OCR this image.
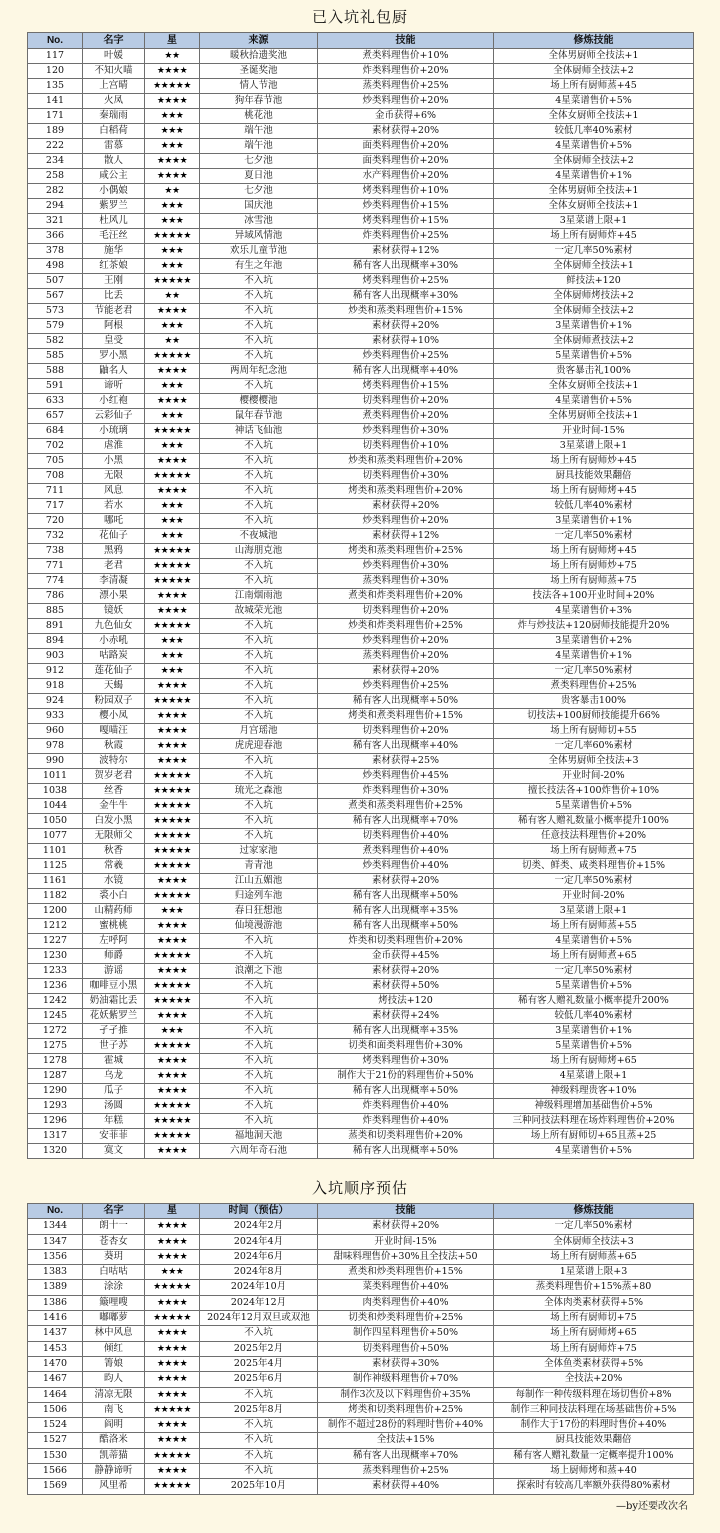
已入坑礼包厨
No.	名字	星	来源	技能	修炼技能
117	叶媛	★★	暖秋拾遗奖池	煮类料理售价+10%	全体男厨师全技法+1
120	不知火喵	★★★★	圣诞奖池	炸类料理售价+20%	全体厨师全技法+2
135	上宫晴	★★★★★	情人节池	蒸类料理售价+25%	场上所有厨师蒸+45
141	火凤	★★★★	狗年春节池	炒类料理售价+20%	4星菜谱售价+5%
171	秦瑞雨	★★★	桃花池	金币获得+6%	全体女厨师全技法+1
189	白稻荷	★★★	端午池	素材获得+20%	较低几率40%素材
222	雷慕	★★★	端午池	面类料理售价+20%	4星菜谱售价+5%
234	散人	★★★★	七夕池	面类料理售价+20%	全体厨师全技法+2
258	咸公主	★★★★	夏日池	水产料理售价+20%	4星菜谱售价+1%
282	小偶娘	★★	七夕池	烤类料理售价+10%	全体男厨师全技法+1
294	紫罗兰	★★★	国庆池	炒类料理售价+15%	全体女厨师全技法+1
321	杜风儿	★★★	冰雪池	烤类料理售价+15%	3星菜谱上限+1
366	毛汪丝	★★★★★	异域风情池	炸类料理售价+25%	场上所有厨师炸+45
378	施华	★★★	欢乐儿童节池	素材获得+12%	一定几率50%素材
498	红茶娘	★★★	有生之年池	稀有客人出现概率+30%	全体厨师全技法+1
507	王刚	★★★★★	不入坑	烤类料理售价+25%	鲜技法+120
567	比丢	★★	不入坑	稀有客人出现概率+30%	全体厨师烤技法+2
573	节能老君	★★★★	不入坑	炒类和蒸类料理售价+15%	全体厨师全技法+2
579	阿根	★★★	不入坑	素材获得+20%	3星菜谱售价+1%
582	皇受	★★	不入坑	素材获得+10%	全体厨师煮技法+2
585	罗小黑	★★★★★	不入坑	炒类料理售价+25%	5星菜谱售价+5%
588	鼬名人	★★★★	两周年纪念池	稀有客人出现概率+40%	贵客暴击礼100%
591	谛听	★★★	不入坑	烤类料理售价+15%	全体女厨师全技法+1
633	小红袍	★★★★	樱樱樱池	切类料理售价+20%	4星菜谱售价+5%
657	云彩仙子	★★★	鼠年春节池	煮类料理售价+20%	全体男厨师全技法+1
684	小琉璃	★★★★★	神话飞仙池	炒类料理售价+30%	开业时间-15%
702	虐淮	★★★	不入坑	切类料理售价+10%	3星菜谱上限+1
705	小黑	★★★★	不入坑	炒类和蒸类料理售价+20%	场上所有厨师炒+45
708	无限	★★★★★	不入坑	切类料理售价+30%	厨具技能效果翻倍
711	风息	★★★★	不入坑	烤类和蒸类料理售价+20%	场上所有厨师烤+45
717	若水	★★★	不入坑	素材获得+20%	较低几率40%素材
720	哪吒	★★★	不入坑	炒类料理售价+20%	3星菜谱售价+1%
732	花仙子	★★★	不夜城池	素材获得+12%	一定几率50%素材
738	黑鸦	★★★★★	山海朋克池	烤类和蒸类料理售价+25%	场上所有厨师烤+45
771	老君	★★★★★	不入坑	炒类料理售价+30%	场上所有厨师炒+75
774	李清凝	★★★★★	不入坑	蒸类料理售价+30%	场上所有厨师蒸+75
786	漂小果	★★★★	江南烟雨池	煮类和炸类料理售价+20%	技法各+100开业时间+20%
885	镜妖	★★★★	故城荣光池	切类料理售价+20%	4星菜谱售价+3%
891	九色仙女	★★★★★	不入坑	炒类和炸类料理售价+25%	炸与炒技法+120厨师技能提升20%
894	小赤吼	★★★	不入坑	炒类料理售价+20%	3星菜谱售价+2%
903	咕路炭	★★★	不入坑	蒸类料理售价+20%	4星菜谱售价+1%
912	莲花仙子	★★★	不入坑	素材获得+20%	一定几率50%素材
918	天蝎	★★★★	不入坑	炒类料理售价+25%	煮类料理售价+25%
924	粉园双子	★★★★★	不入坑	稀有客人出现概率+50%	贵客暴击100%
933	樱小凤	★★★★	不入坑	烤类和煮类料理售价+15%	切技法+100厨师技能提升66%
960	嘎喵汪	★★★★	月宫瑶池	切类料理售价+20%	场上所有厨师切+55
978	秋霞	★★★★	虎虎迎春池	稀有客人出现概率+40%	一定几率60%素材
990	波特尔	★★★★	不入坑	素材获得+25%	全体男厨师全技法+3
1011	贺岁老君	★★★★★	不入坑	炒类料理售价+45%	开业时间-20%
1038	丝香	★★★★★	琉光之森池	炸类料理售价+30%	擅长技法各+100炸售价+10%
1044	金牛牛	★★★★★	不入坑	煮类和蒸类料理售价+25%	5星菜谱售价+5%
1050	白发小黑	★★★★★	不入坑	稀有客人出现概率+70%	稀有客人赠礼数量小概率提升100%
1077	无限师父	★★★★★	不入坑	切类料理售价+40%	任意技法料理售价+20%
1101	秋香	★★★★★	过家家池	煮类料理售价+40%	场上所有厨师煮+75
1125	常羲	★★★★★	青青池	炒类料理售价+40%	切类、鲜类、咸类料理售价+15%
1161	水镜	★★★★	江山五媚池	素材获得+20%	一定几率50%素材
1182	裘小白	★★★★★	归途列车池	稀有客人出现概率+50%	开业时间-20%
1200	山精药师	★★★	春日狂想池	稀有客人出现概率+35%	3星菜谱上限+1
1212	蜜桃桃	★★★★	仙境漫游池	稀有客人出现概率+50%	场上所有厨师蒸+55
1227	左呼阿	★★★★	不入坑	炸类和切类料理售价+20%	4星菜谱售价+5%
1230	师爵	★★★★★	不入坑	金币获得+45%	场上所有厨师煮+65
1233	游谣	★★★★	浪潮之下池	素材获得+20%	一定几率50%素材
1236	咖啡豆小黑	★★★★★	不入坑	素材获得+50%	5星菜谱售价+5%
1242	奶油霜比丢	★★★★★	不入坑	烤技法+120	稀有客人赠礼数量小概率提升200%
1245	花妖紫罗兰	★★★★	不入坑	素材获得+24%	较低几率40%素材
1272	孑孑推	★★★	不入坑	稀有客人出现概率+35%	3星菜谱售价+1%
1275	世子苏	★★★★★	不入坑	切类和面类料理售价+30%	5星菜谱售价+5%
1278	霍城	★★★★	不入坑	烤类料理售价+30%	场上所有厨师烤+65
1287	乌龙	★★★★	不入坑	制作大于21份的料理售价+50%	4星菜谱上限+1
1290	瓜子	★★★★	不入坑	稀有客人出现概率+50%	神级料理贵客+10%
1293	汤圆	★★★★★	不入坑	炸类料理售价+40%	神级料理增加基础售价+5%
1296	年糕	★★★★★	不入坑	炸类料理售价+40%	三种同技法料理在场炸料理售价+20%
1317	安菲菲	★★★★★	福地洞天池	蒸类和切类料理售价+20%	场上所有厨师切+65且蒸+25
1320	寞文	★★★★	六周年奇石池	稀有客人出现概率+50%	4星菜谱售价+5%
入坑顺序预估
No.	名字	星	时间（预估）	技能	修炼技能
1344	朗十一	★★★★	2024年2月	素材获得+20%	一定几率50%素材
1347	苍杏女	★★★★	2024年4月	开业时间-15%	全体厨师全技法+3
1356	葵玥	★★★★	2024年6月	甜味料理售价+30%且全技法+50	场上所有厨师蒸+65
1383	白咕咕	★★★	2024年8月	煮类和炒类料理售价+15%	1星菜谱上限+3
1389	涂涂	★★★★★	2024年10月	菜类料理售价+40%	蒸类料理售价+15%蒸+80
1386	簸哩嗖	★★★★	2024年12月	肉类料理售价+40%	全体肉类素材获得+5%
1416	嘟嘟萝	★★★★★	2024年12月双旦或双池	切类和炒类料理售价+25%	场上所有厨师切+75
1437	林中风息	★★★★	不入坑	制作四星料理售价+50%	场上所有厨师烤+65
1453	倾红	★★★★	2025年2月	切类料理售价+50%	场上所有厨师炸+75
1470	箐娘	★★★★	2025年4月	素材获得+30%	全体鱼类素材获得+5%
1467	昀人	★★★★	2025年6月	制作神级料理售价+70%	全技法+20%
1464	清凉无限	★★★★	不入坑	制作3次及以下料理售价+35%	每制作一种传级料理在场切售价+8%
1506	南飞	★★★★★	2025年8月	烤类和切类料理售价+25%	制作三种同技法料理在场基础售价+5%
1524	阎明	★★★★	不入坑	制作不超过28份的料理时售价+40%	制作大于17份的料理时售价+40%
1527	酷洛米	★★★★	不入坑	全技法+15%	厨具技能效果翻倍
1530	凯蒂猫	★★★★★	不入坑	稀有客人出现概率+70%	稀有客人赠礼数量一定概率提升100%
1566	静静谛听	★★★★	不入坑	蒸类料理售价+25%	场上厨师烤和蒸+40
1569	风里希	★★★★★	2025年10月	素材获得+40%	探索时有较高几率额外获得80%素材
—by还要改次名
